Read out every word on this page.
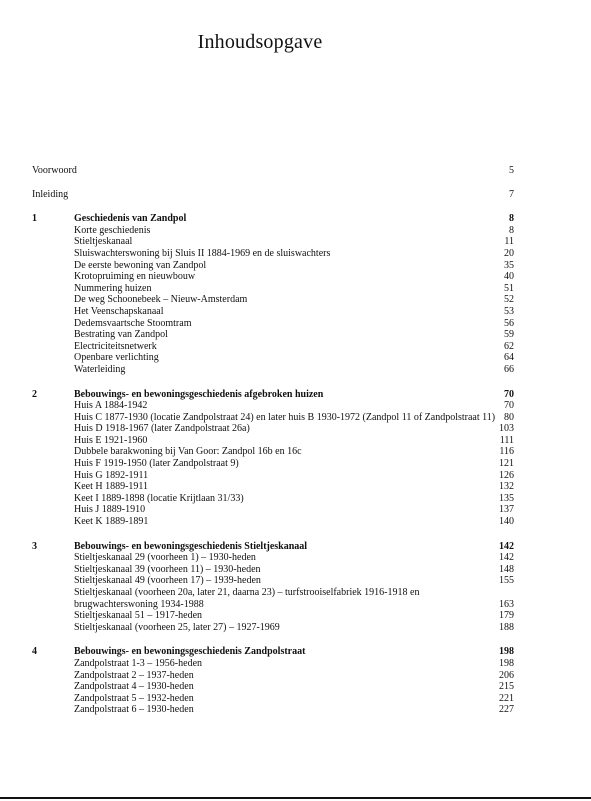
Inhoudsopgave
Voorwoord	5
Inleiding	7
1	Geschiedenis van Zandpol	8
Korte geschiedenis	8
Stieltjeskanaal	11
Sluiswachterswoning bij Sluis II 1884-1969 en de sluiswachters	20
De eerste bewoning van Zandpol	35
Krotopruiming en nieuwbouw	40
Nummering huizen	51
De weg Schoonebeek – Nieuw-Amsterdam	52
Het Veenschapskanaal	53
Dedemsvaartsche Stoomtram	56
Bestrating van Zandpol	59
Electriciteitsnetwerk	62
Openbare verlichting	64
Waterleiding	66
2	Bebouwings- en bewoningsgeschiedenis afgebroken huizen	70
Huis A 1884-1942	70
Huis C 1877-1930 (locatie Zandpolstraat 24) en later huis B 1930-1972 (Zandpol 11 of Zandpolstraat 11) 80
Huis D 1918-1967 (later Zandpolstraat 26a)	103
Huis E 1921-1960	111
Dubbele barakwoning bij Van Goor: Zandpol 16b en 16c	116
Huis F 1919-1950 (later Zandpolstraat 9)	121
Huis G 1892-1911	126
Keet H 1889-1911	132
Keet I 1889-1898 (locatie Krijtlaan 31/33)	135
Huis J 1889-1910	137
Keet K 1889-1891	140
3	Bebouwings- en bewoningsgeschiedenis Stieltjeskanaal	142
Stieltjeskanaal 29 (voorheen 1) – 1930-heden	142
Stieltjeskanaal 39 (voorheen 11) – 1930-heden	148
Stieltjeskanaal 49 (voorheen 17) – 1939-heden	155
Stieltjeskanaal (voorheen 20a, later 21, daarna 23) – turfstrooiselfabriek 1916-1918 en
brugwachterswoning 1934-1988	163
Stieltjeskanaal 51 – 1917-heden	179
Stieltjeskanaal (voorheen 25, later 27) – 1927-1969	188
4	Bebouwings- en bewoningsgeschiedenis Zandpolstraat	198
Zandpolstraat 1-3 – 1956-heden	198
Zandpolstraat 2 – 1937-heden	206
Zandpolstraat 4 – 1930-heden	215
Zandpolstraat 5 – 1932-heden	221
Zandpolstraat 6 – 1930-heden	227
